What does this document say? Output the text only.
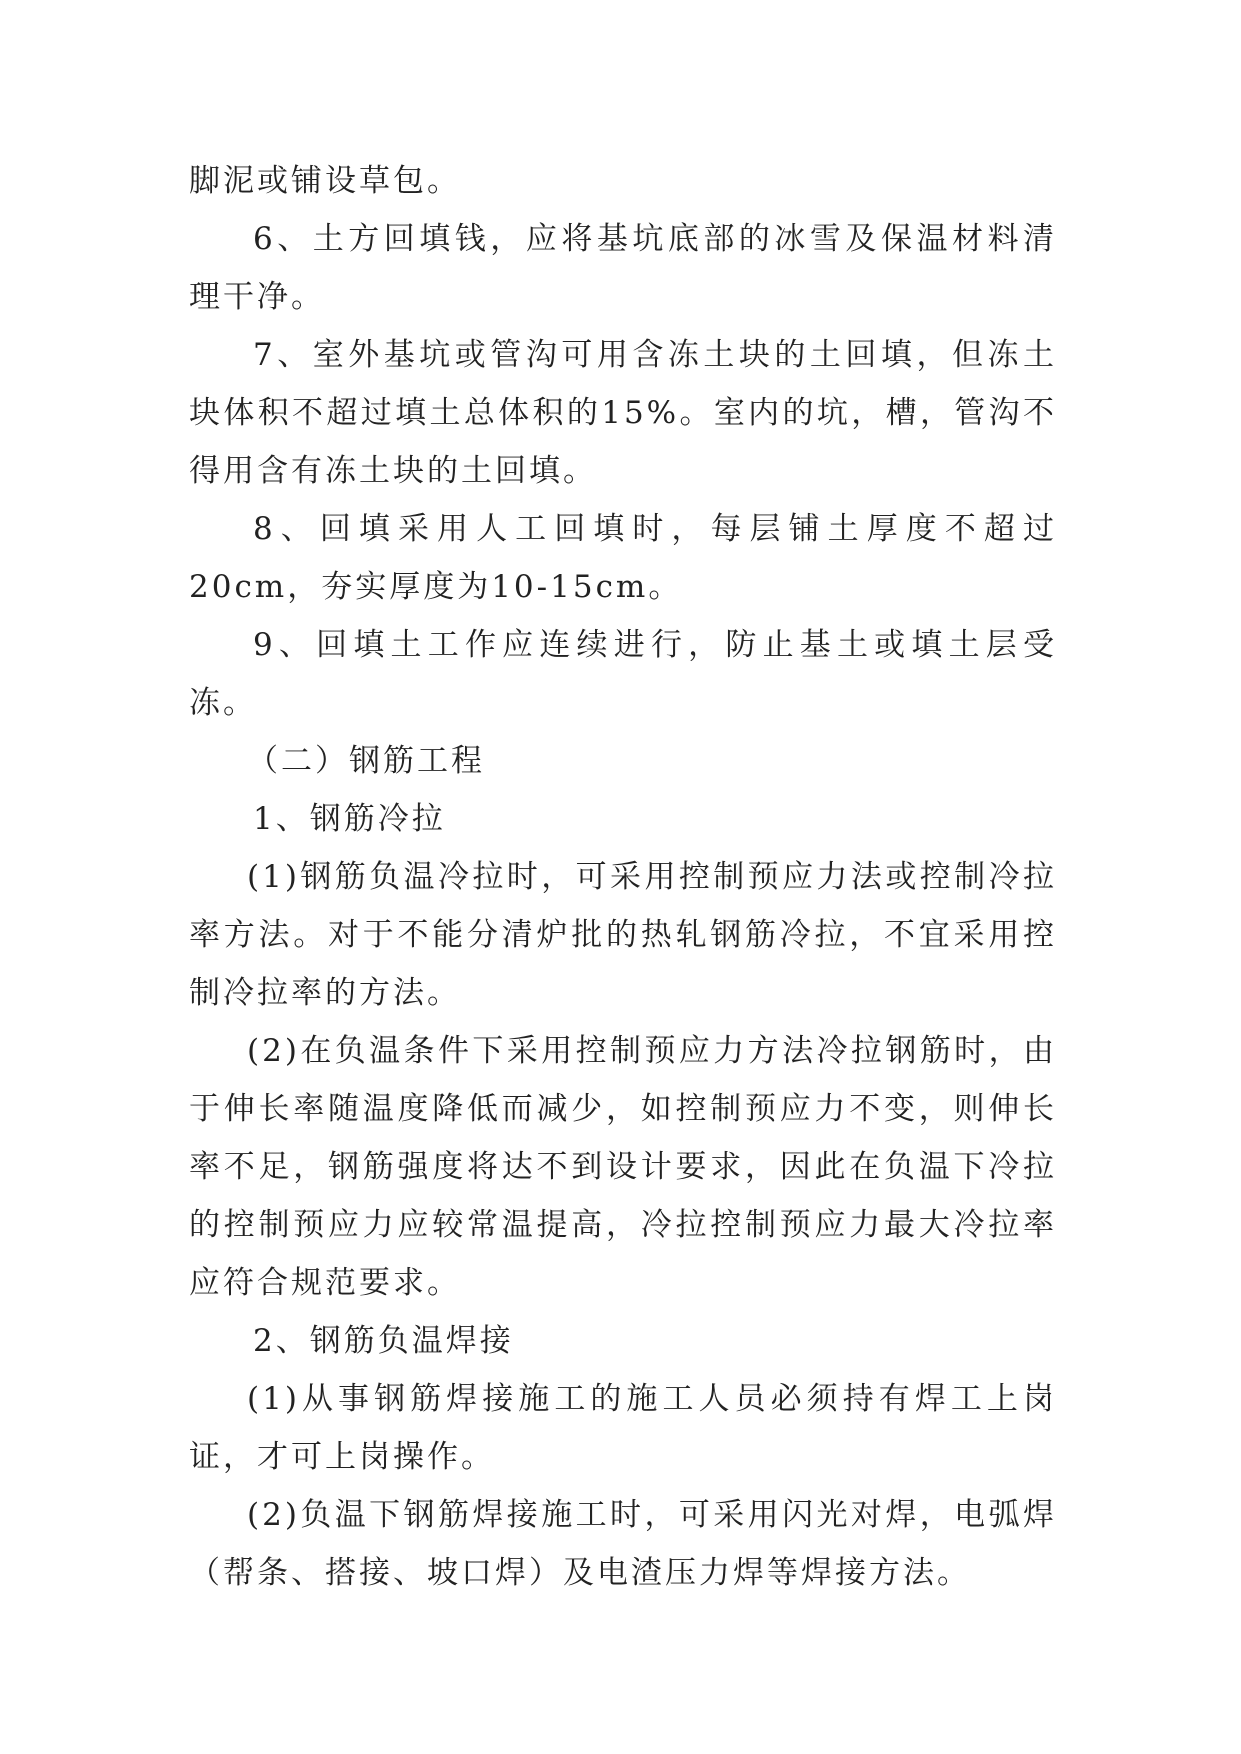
脚泥或铺设草包。

6、土方回填钱，应将基坑底部的冰雪及保温材料清理干净。

7、室外基坑或管沟可用含冻土块的土回填，但冻土块体积不超过填土总体积的15%。室内的坑，槽，管沟不得用含有冻土块的土回填。

8、回填采用人工回填时，每层铺土厚度不超过20cm，夯实厚度为10-15cm。

9、回填土工作应连续进行，防止基土或填土层受冻。

（二）钢筋工程

1、钢筋冷拉

(1)钢筋负温冷拉时，可采用控制预应力法或控制冷拉率方法。对于不能分清炉批的热轧钢筋冷拉，不宜采用控制冷拉率的方法。

(2)在负温条件下采用控制预应力方法冷拉钢筋时，由于伸长率随温度降低而减少，如控制预应力不变，则伸长率不足，钢筋强度将达不到设计要求，因此在负温下冷拉的控制预应力应较常温提高，冷拉控制预应力最大冷拉率应符合规范要求。

2、钢筋负温焊接

(1)从事钢筋焊接施工的施工人员必须持有焊工上岗证，才可上岗操作。

(2)负温下钢筋焊接施工时，可采用闪光对焊，电弧焊（帮条、搭接、坡口焊）及电渣压力焊等焊接方法。
